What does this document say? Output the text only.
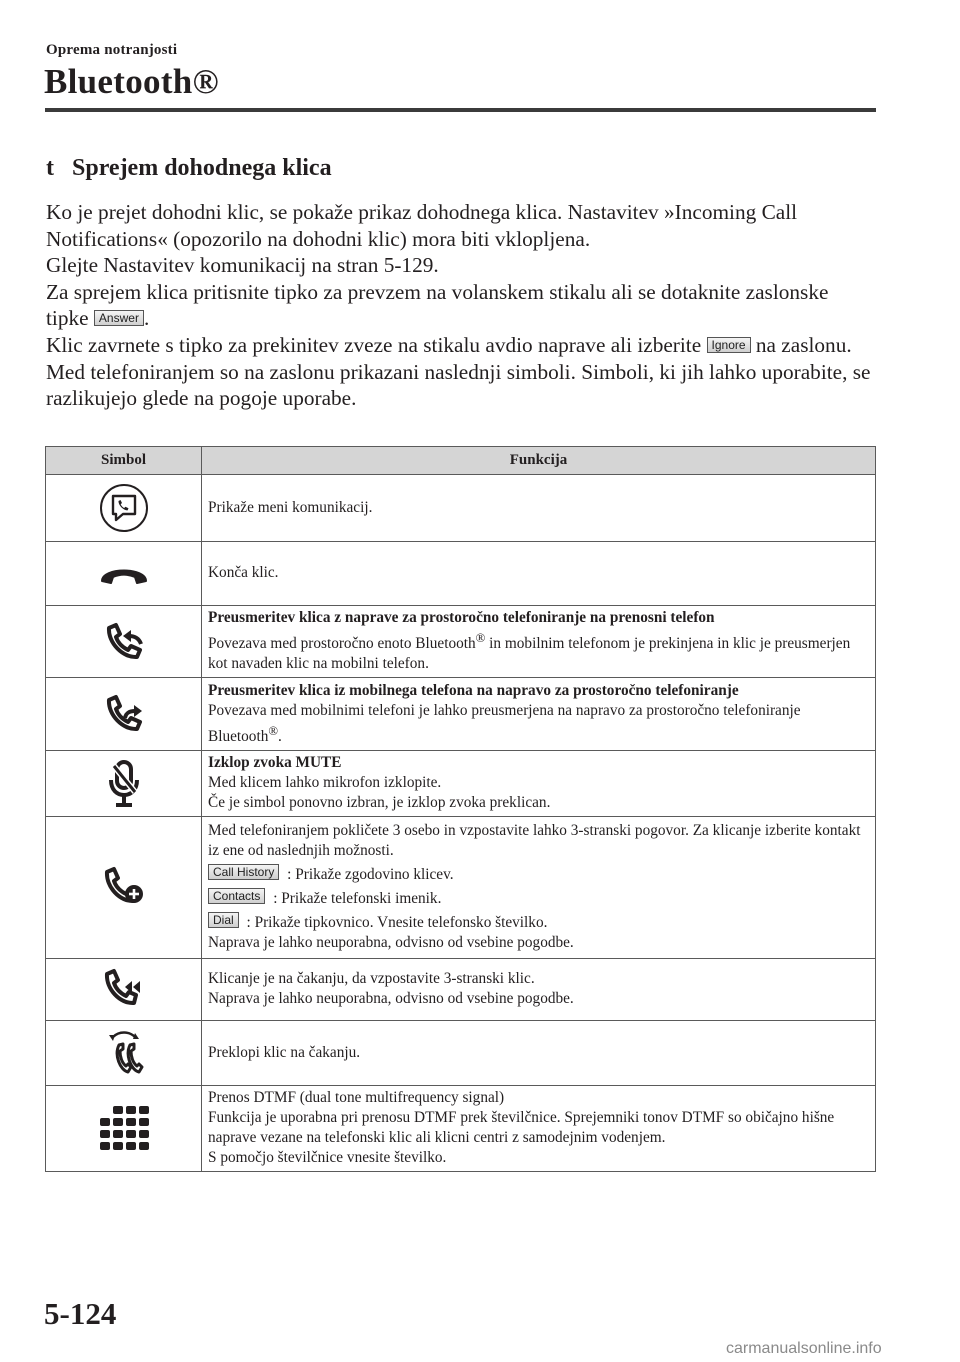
Oprema notranjosti
Bluetooth®
t Sprejem dohodnega klica

Ko je prejet dohodni klic, se pokaže prikaz dohodnega klica. Nastavitev »Incoming Call Notifications« (opozorilo na dohodni klic) mora biti vklopljena.

Glejte Nastavitev komunikacij na stran 5-129.

Za sprejem klica pritisnite tipko za prevzem na volanskem stikalu ali se dotaknite zaslonske tipke Answer .

Klic zavrnete s tipko za prekinitev zveze na stikalu avdio naprave ali izberite Ignore na zaslonu.

Med telefoniranjem so na zaslonu prikazani naslednji simboli. Simboli, ki jih lahko uporabite, se razlikujejo glede na pogoje uporabe.

Simbol	Funkcija

	Prikaže meni komunikacij.

	Konča klic.

Preusmeritev klica z naprave za prostoročno telefoniranje na prenosni telefon
Povezava med prostoročno enoto Bluetooth® in mobilnim telefonom je prekinjena in klic je preusmerjen kot navaden klic na mobilni telefon.

Preusmeritev klica iz mobilnega telefona na napravo za prostoročno telefoniranje
Povezava med mobilnimi telefoni je lahko preusmerjena na napravo za prostoročno telefoniranje Bluetooth®.

Izklop zvoka MUTE
Med klicem lahko mikrofon izklopite.
Če je simbol ponovno izbran, je izklop zvoka preklican.

Med telefoniranjem pokličete 3 osebo in vzpostavite lahko 3-stranski pogovor. Za klicanje izberite kontakt iz ene od naslednjih možnosti.
Call History : Prikaže zgodovino klicev.
Contacts : Prikaže telefonski imenik.
Dial : Prikaže tipkovnico. Vnesite telefonsko številko.
Naprava je lahko neuporabna, odvisno od vsebine pogodbe.

Klicanje je na čakanju, da vzpostavite 3-stranski klic.
Naprava je lahko neuporabna, odvisno od vsebine pogodbe.

	Preklopi klic na čakanju.

Prenos DTMF (dual tone multifrequency signal)
Funkcija je uporabna pri prenosu DTMF prek številčnice. Sprejemniki tonov DTMF so običajno hišne naprave vezane na telefonski klic ali klicni centri z samodejnim vodenjem.
S pomočjo številčnice vnesite številko.
5-124
carmanualsonline.info
